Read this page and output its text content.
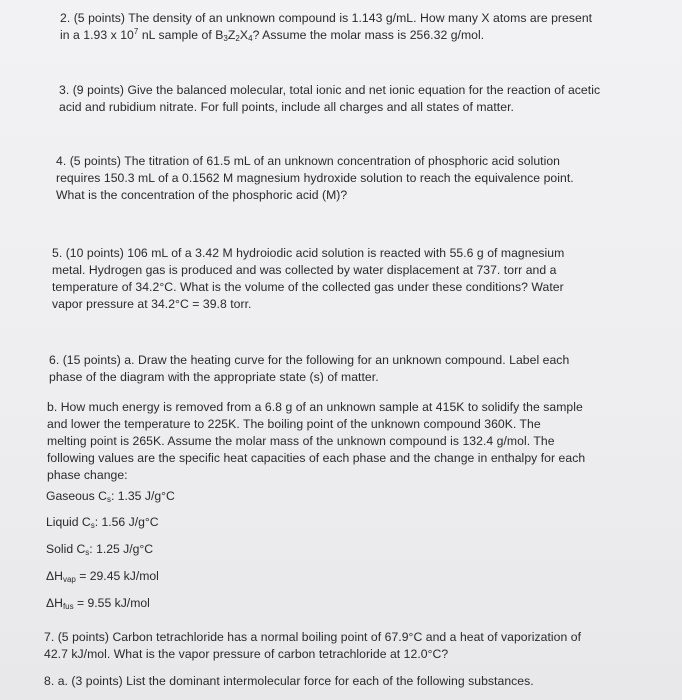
2. (5 points) The density of an unknown compound is 1.143 g/mL. How many X atoms are present

in a 1.93 x $10^7$ nL sample of $B_3Z_2X_4$? Assume the molar mass is 256.32 g/mol.

3. (9 points) Give the balanced molecular, total ionic and net ionic equation for the reaction of acetic

acid and rubidium nitrate. For full points, include all charges and all states of matter.

4. (5 points) The titration of 61.5 mL of an unknown concentration of phosphoric acid solution

requires 150.3 mL of a 0.1562 M magnesium hydroxide solution to reach the equivalence point.

What is the concentration of the phosphoric acid (M)?

5. (10 points) 106 mL of a 3.42 M hydroiodic acid solution is reacted with 55.6 g of magnesium

metal. Hydrogen gas is produced and was collected by water displacement at 737. torr and a

temperature of 34.2°C. What is the volume of the collected gas under these conditions? Water

vapor pressure at 34.2°C = 39.8 torr.

6. (15 points) a. Draw the heating curve for the following for an unknown compound. Label each

phase of the diagram with the appropriate state (s) of matter.

b. How much energy is removed from a 6.8 g of an unknown sample at 415K to solidify the sample

and lower the temperature to 225K. The boiling point of the unknown compound 360K. The

melting point is 265K. Assume the molar mass of the unknown compound is 132.4 g/mol. The

following values are the specific heat capacities of each phase and the change in enthalpy for each

phase change:

Gaseous $C_s$: 1.35 J/g°C
Liquid $C_s$: 1.56 J/g°C
Solid $C_s$: 1.25 J/g°C
$\Delta H_{vap} = 29.45$ kJ/mol
$\Delta H_{fus} = 9.55$ kJ/mol

7. (5 points) Carbon tetrachloride has a normal boiling point of 67.9°C and a heat of vaporization of

42.7 kJ/mol. What is the vapor pressure of carbon tetrachloride at 12.0°C?

8. a. (3 points) List the dominant intermolecular force for each of the following substances.
